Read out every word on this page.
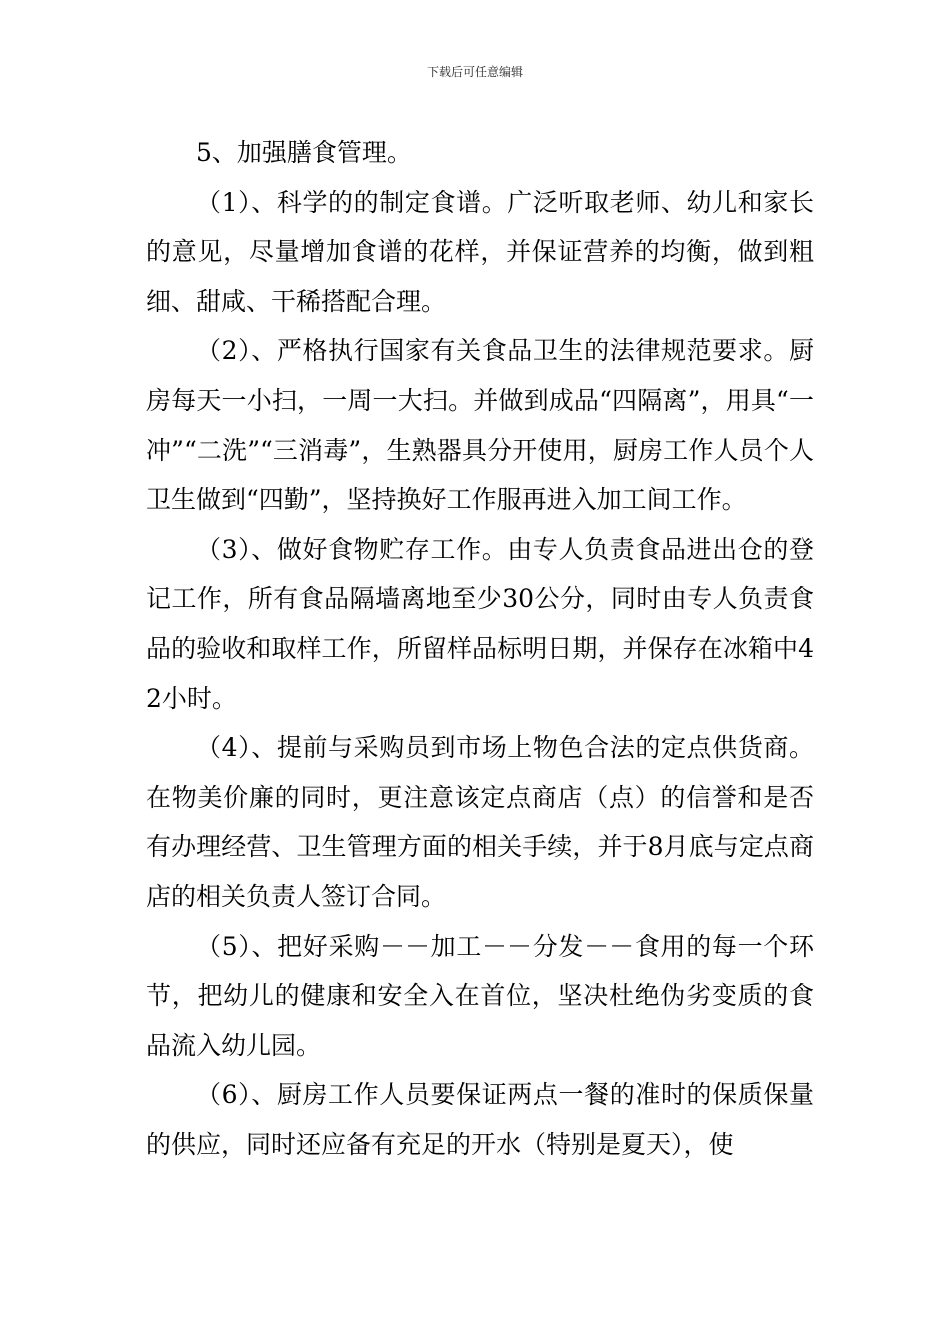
下载后可任意编辑

5、加强膳食管理。

（1）、科学的的制定食谱。广泛听取老师、幼儿和家长的意见，尽量增加食谱的花样，并保证营养的均衡，做到粗细、甜咸、干稀搭配合理。

（2）、严格执行国家有关食品卫生的法律规范要求。厨房每天一小扫，一周一大扫。并做到成品“四隔离”，用具“一冲”“二洗”“三消毒”，生熟器具分开使用，厨房工作人员个人卫生做到“四勤”，坚持换好工作服再进入加工间工作。

（3）、做好食物贮存工作。由专人负责食品进出仓的登记工作，所有食品隔墙离地至少30公分，同时由专人负责食品的验收和取样工作，所留样品标明日期，并保存在冰箱中42小时。

（4）、提前与采购员到市场上物色合法的定点供货商。在物美价廉的同时，更注意该定点商店（点）的信誉和是否有办理经营、卫生管理方面的相关手续，并于8月底与定点商店的相关负责人签订合同。

（5）、把好采购－－加工－－分发－－食用的每一个环节，把幼儿的健康和安全入在首位，坚决杜绝伪劣变质的食品流入幼儿园。

（6）、厨房工作人员要保证两点一餐的准时的保质保量的供应，同时还应备有充足的开水（特别是夏天），使
